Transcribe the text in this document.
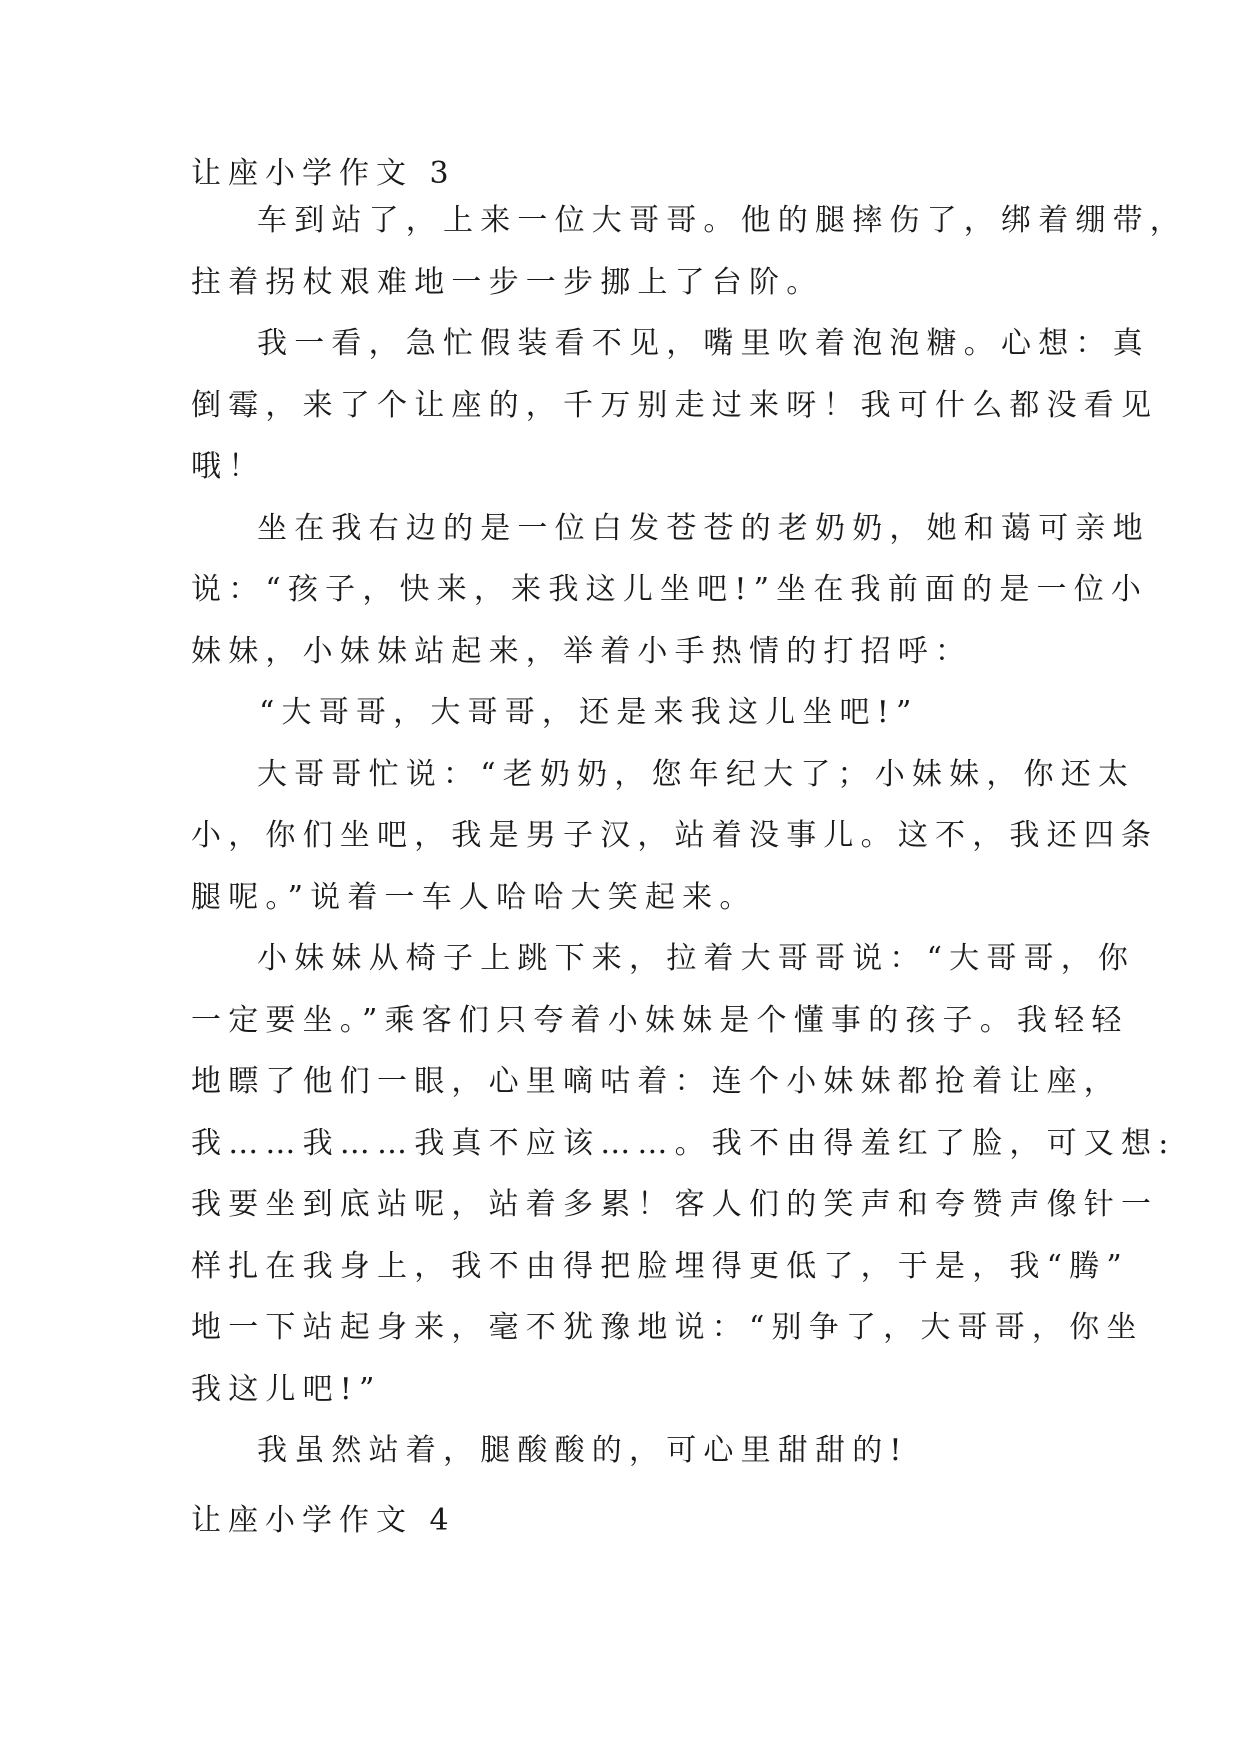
让座小学作文 3
车到站了，上来一位大哥哥。他的腿摔伤了，绑着绷带，
拄着拐杖艰难地一步一步挪上了台阶。
我一看，急忙假装看不见，嘴里吹着泡泡糖。心想：真
倒霉，来了个让座的，千万别走过来呀！我可什么都没看见
哦！
坐在我右边的是一位白发苍苍的老奶奶，她和蔼可亲地
说：“孩子，快来，来我这儿坐吧!”坐在我前面的是一位小
妹妹，小妹妹站起来，举着小手热情的打招呼：
“大哥哥，大哥哥，还是来我这儿坐吧!”
大哥哥忙说：“老奶奶，您年纪大了；小妹妹，你还太
小，你们坐吧，我是男子汉，站着没事儿。这不，我还四条
腿呢。”说着一车人哈哈大笑起来。
小妹妹从椅子上跳下来，拉着大哥哥说：“大哥哥，你
一定要坐。”乘客们只夸着小妹妹是个懂事的孩子。我轻轻
地瞟了他们一眼，心里嘀咕着：连个小妹妹都抢着让座，
我……我……我真不应该……。我不由得羞红了脸，可又想:
我要坐到底站呢，站着多累！客人们的笑声和夸赞声像针一
样扎在我身上，我不由得把脸埋得更低了，于是，我“腾”
地一下站起身来，毫不犹豫地说：“别争了，大哥哥，你坐
我这儿吧!”
我虽然站着，腿酸酸的，可心里甜甜的!
让座小学作文 4
